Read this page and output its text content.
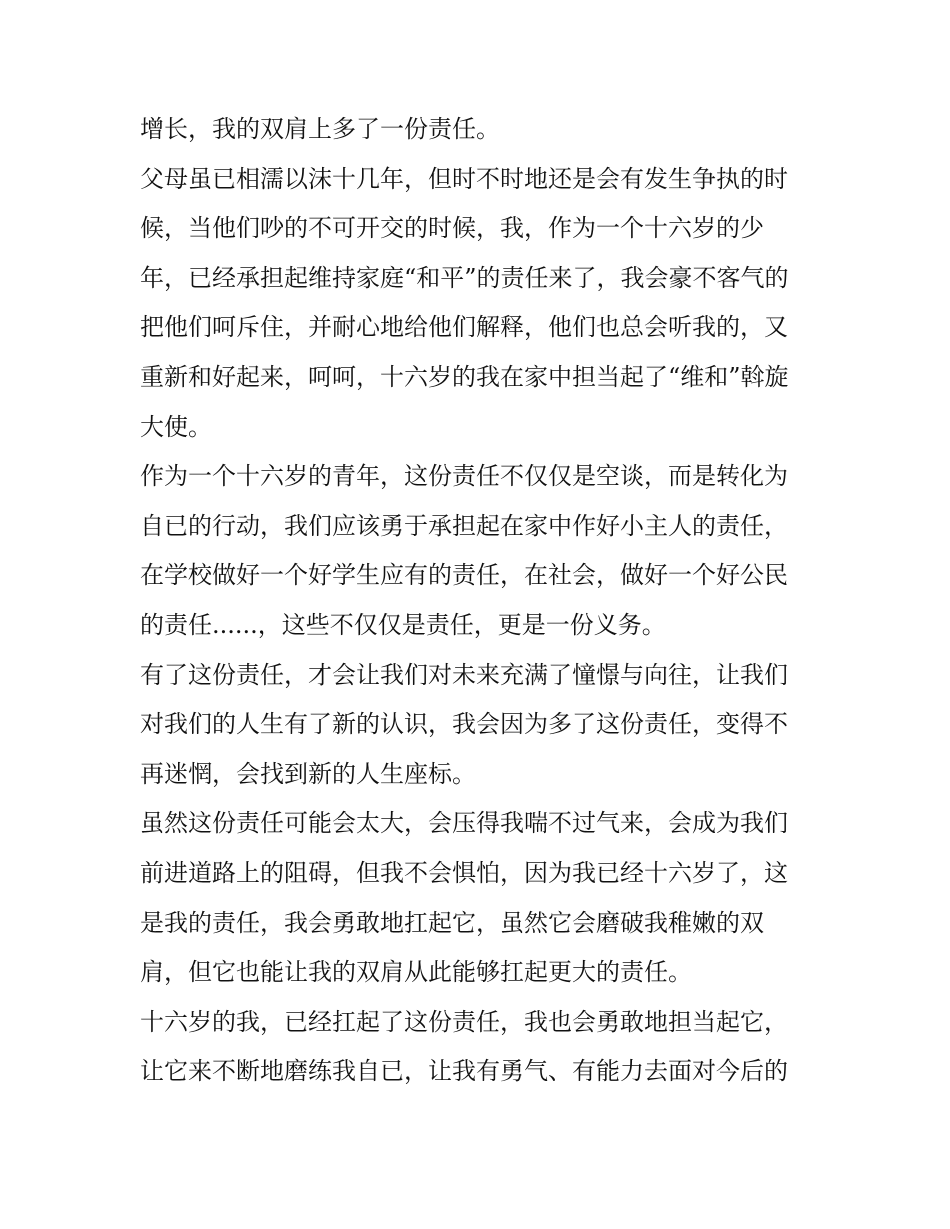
增长，我的双肩上多了一份责任。
父母虽已相濡以沫十几年，但时不时地还是会有发生争执的时
候，当他们吵的不可开交的时候，我，作为一个十六岁的少
年，已经承担起维持家庭“和平”的责任来了，我会豪不客气的
把他们呵斥住，并耐心地给他们解释，他们也总会听我的，又
重新和好起来，呵呵，十六岁的我在家中担当起了“维和”斡旋
大使。
作为一个十六岁的青年，这份责任不仅仅是空谈，而是转化为
自已的行动，我们应该勇于承担起在家中作好小主人的责任，
在学校做好一个好学生应有的责任，在社会，做好一个好公民
的责任......，这些不仅仅是责任，更是一份义务。
有了这份责任，才会让我们对未来充满了憧憬与向往，让我们
对我们的人生有了新的认识，我会因为多了这份责任，变得不
再迷惘，会找到新的人生座标。
虽然这份责任可能会太大，会压得我喘不过气来，会成为我们
前进道路上的阻碍，但我不会惧怕，因为我已经十六岁了，这
是我的责任，我会勇敢地扛起它，虽然它会磨破我稚嫩的双
肩，但它也能让我的双肩从此能够扛起更大的责任。
十六岁的我，已经扛起了这份责任，我也会勇敢地担当起它，
让它来不断地磨练我自已，让我有勇气、有能力去面对今后的
